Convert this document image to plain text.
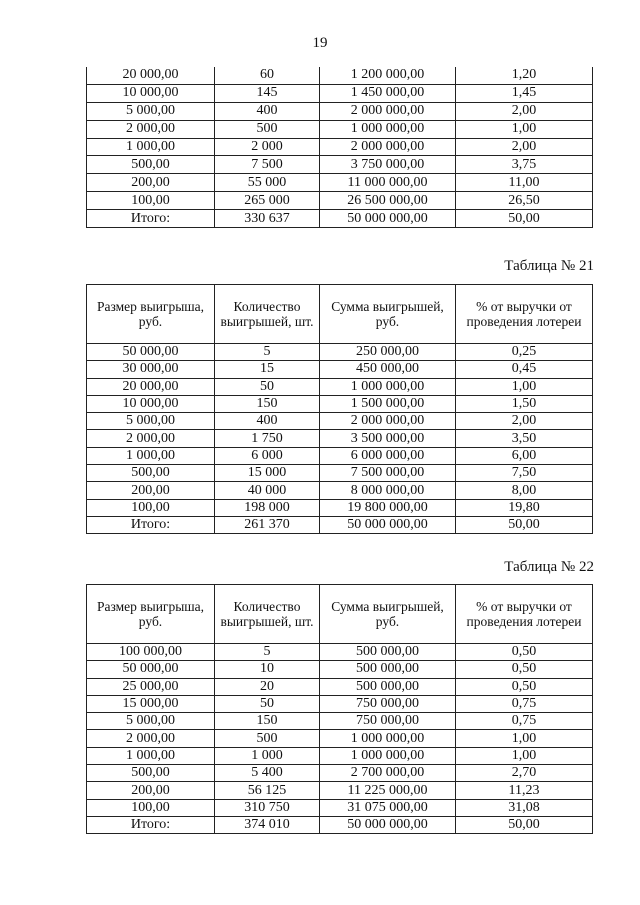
19
20 000,00	60	1 200 000,00	1,20
10 000,00	145	1 450 000,00	1,45
5 000,00	400	2 000 000,00	2,00
2 000,00	500	1 000 000,00	1,00
1 000,00	2 000	2 000 000,00	2,00
500,00	7 500	3 750 000,00	3,75
200,00	55 000	11 000 000,00	11,00
100,00	265 000	26 500 000,00	26,50
Итого:	330 637	50 000 000,00	50,00
Таблица № 21
Размер выигрыша, руб.	Количество выигрышей, шт.	Сумма выигрышей, руб.	% от выручки от проведения лотереи
50 000,00	5	250 000,00	0,25
30 000,00	15	450 000,00	0,45
20 000,00	50	1 000 000,00	1,00
10 000,00	150	1 500 000,00	1,50
5 000,00	400	2 000 000,00	2,00
2 000,00	1 750	3 500 000,00	3,50
1 000,00	6 000	6 000 000,00	6,00
500,00	15 000	7 500 000,00	7,50
200,00	40 000	8 000 000,00	8,00
100,00	198 000	19 800 000,00	19,80
Итого:	261 370	50 000 000,00	50,00
Таблица № 22
Размер выигрыша, руб.	Количество выигрышей, шт.	Сумма выигрышей, руб.	% от выручки от проведения лотереи
100 000,00	5	500 000,00	0,50
50 000,00	10	500 000,00	0,50
25 000,00	20	500 000,00	0,50
15 000,00	50	750 000,00	0,75
5 000,00	150	750 000,00	0,75
2 000,00	500	1 000 000,00	1,00
1 000,00	1 000	1 000 000,00	1,00
500,00	5 400	2 700 000,00	2,70
200,00	56 125	11 225 000,00	11,23
100,00	310 750	31 075 000,00	31,08
Итого:	374 010	50 000 000,00	50,00
